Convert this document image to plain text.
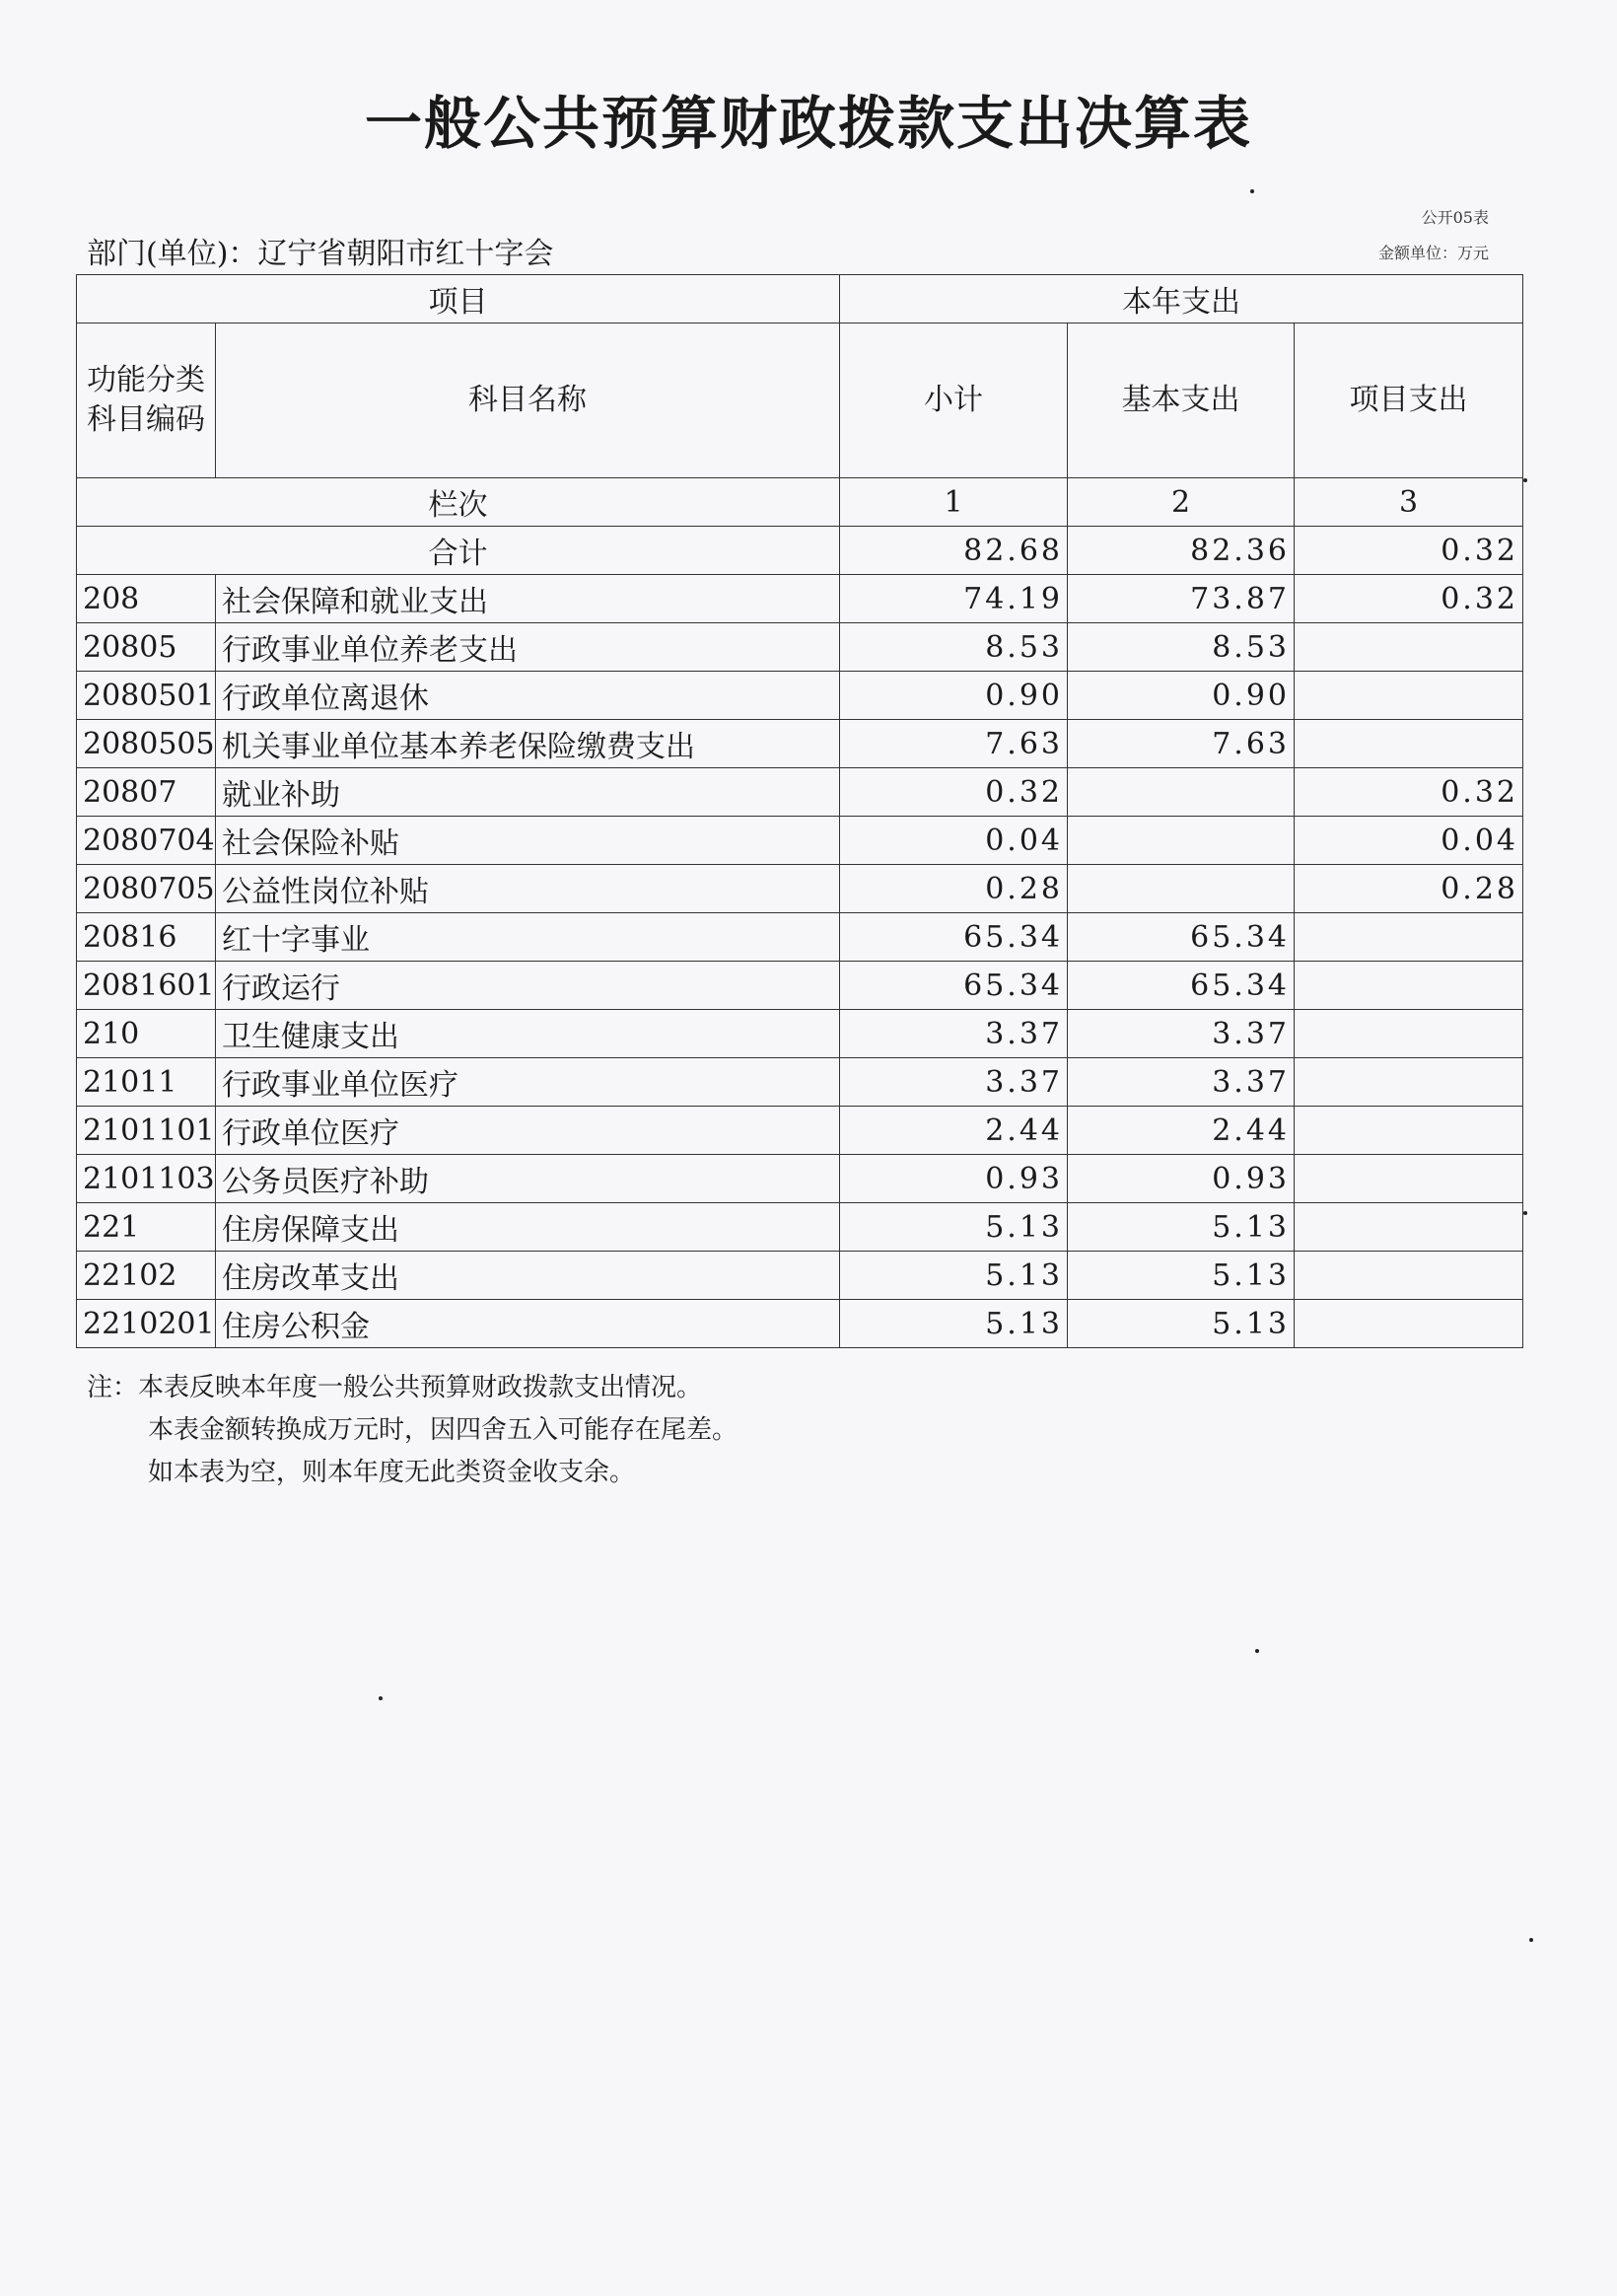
一般公共预算财政拨款支出决算表
公开05表
金额单位：万元
部门(单位)：辽宁省朝阳市红十字会
项目		本年支出		
功能分类科目编码	科目名称	小计	基本支出	项目支出
栏次		1	2	3
合计		82.68	82.36	0.32
208	社会保障和就业支出	74.19	73.87	0.32
20805	行政事业单位养老支出	8.53	8.53	
2080501	行政单位离退休	0.90	0.90	
2080505	机关事业单位基本养老保险缴费支出	7.63	7.63	
20807	就业补助	0.32		0.32
2080704	社会保险补贴	0.04		0.04
2080705	公益性岗位补贴	0.28		0.28
20816	红十字事业	65.34	65.34	
2081601	行政运行	65.34	65.34	
210	卫生健康支出	3.37	3.37	
21011	行政事业单位医疗	3.37	3.37	
2101101	行政单位医疗	2.44	2.44	
2101103	公务员医疗补助	0.93	0.93	
221	住房保障支出	5.13	5.13	
22102	住房改革支出	5.13	5.13	
2210201	住房公积金	5.13	5.13	
注：本表反映本年度一般公共预算财政拨款支出情况。
本表金额转换成万元时，因四舍五入可能存在尾差。
如本表为空，则本年度无此类资金收支余。
